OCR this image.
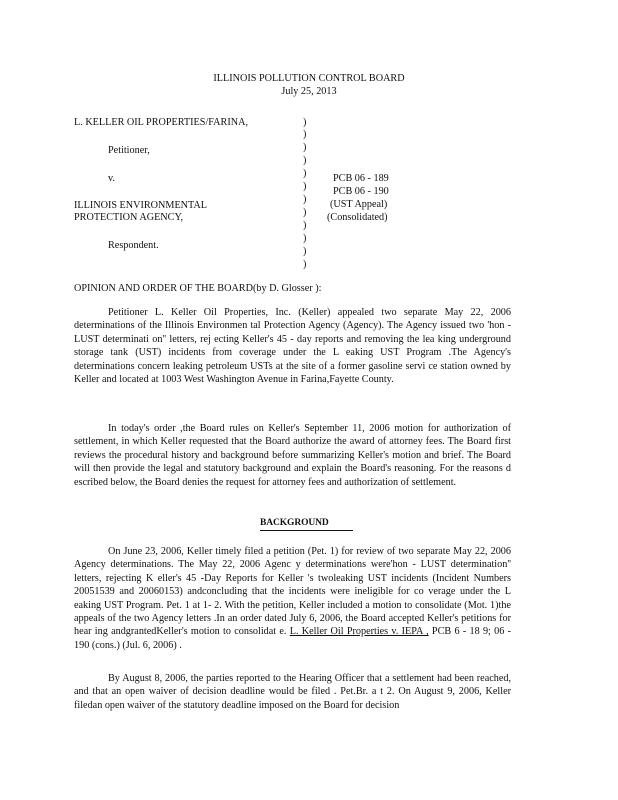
ILLINOIS POLLUTION CONTROL BOARD
July 25, 2013
L. KELLER OIL PROPERTIES/FARINA,
Petitioner,
v.
ILLINOIS ENVIRONMENTAL
PROTECTION AGENCY,
Respondent.
)
)
)
)
)
)
)
)
)
)
)
)
PCB 06 - 189
PCB 06 - 190
(UST Appeal)
(Consolidated)
OPINION AND ORDER OF THE BOARD(by D. Glosser ):

Petitioner L. Keller Oil Properties, Inc. (Keller) appealed two separate May 22, 2006 determinations of the Illinois Environmen tal Protection Agency (Agency). The Agency issued two 'hon -LUST determinati on'' letters, rej ecting Keller's 45 - day reports and removing the lea king underground storage tank (UST) incidents from coverage under the L eaking UST Program .The Agency's determinations concern leaking petroleum USTs at the site of a former gasoline servi ce station owned by Keller and located at 1003 West Washington Avenue in Farina,Fayette County.

In today's order ,the Board rules on Keller's September 11, 2006 motion for authorization of settlement, in which Keller requested that the Board authorize the award of attorney fees. The Board first reviews the procedural history and background before summarizing Keller's motion and brief. The Board will then provide the legal and statutory background and explain the Board's reasoning. For the reasons d escribed below, the Board denies the request for attorney fees and authorization of settlement.

BACKGROUND

On June 23, 2006, Keller timely filed a petition (Pet. 1) for review of two separate May 22, 2006 Agency determinations. The May 22, 2006 Agenc y determinations were'hon - LUST determination'' letters, rejecting K eller's 45 -Day Reports for Keller 's twoleaking UST incidents (Incident Numbers 20051539 and 20060153) andconcluding that the incidents were ineligible for co verage under the L eaking UST Program. Pet. 1 at 1- 2. With the petition, Keller included a motion to consolidate (Mot. 1)the appeals of the two Agency letters .In an order dated July 6, 2006, the Board accepted Keller's petitions for hear ing andgrantedKeller's motion to consolidat e. L. Keller Oil Properties v. IEPA , PCB 6 - 18 9; 06 - 190 (cons.) (Jul. 6, 2006) .

By August 8, 2006, the parties reported to the Hearing Officer that a settlement had been reached, and that an open waiver of decision deadline would be filed . Pet.Br. a t 2. On August 9, 2006, Keller filedan open waiver of the statutory deadline imposed on the Board for decision
